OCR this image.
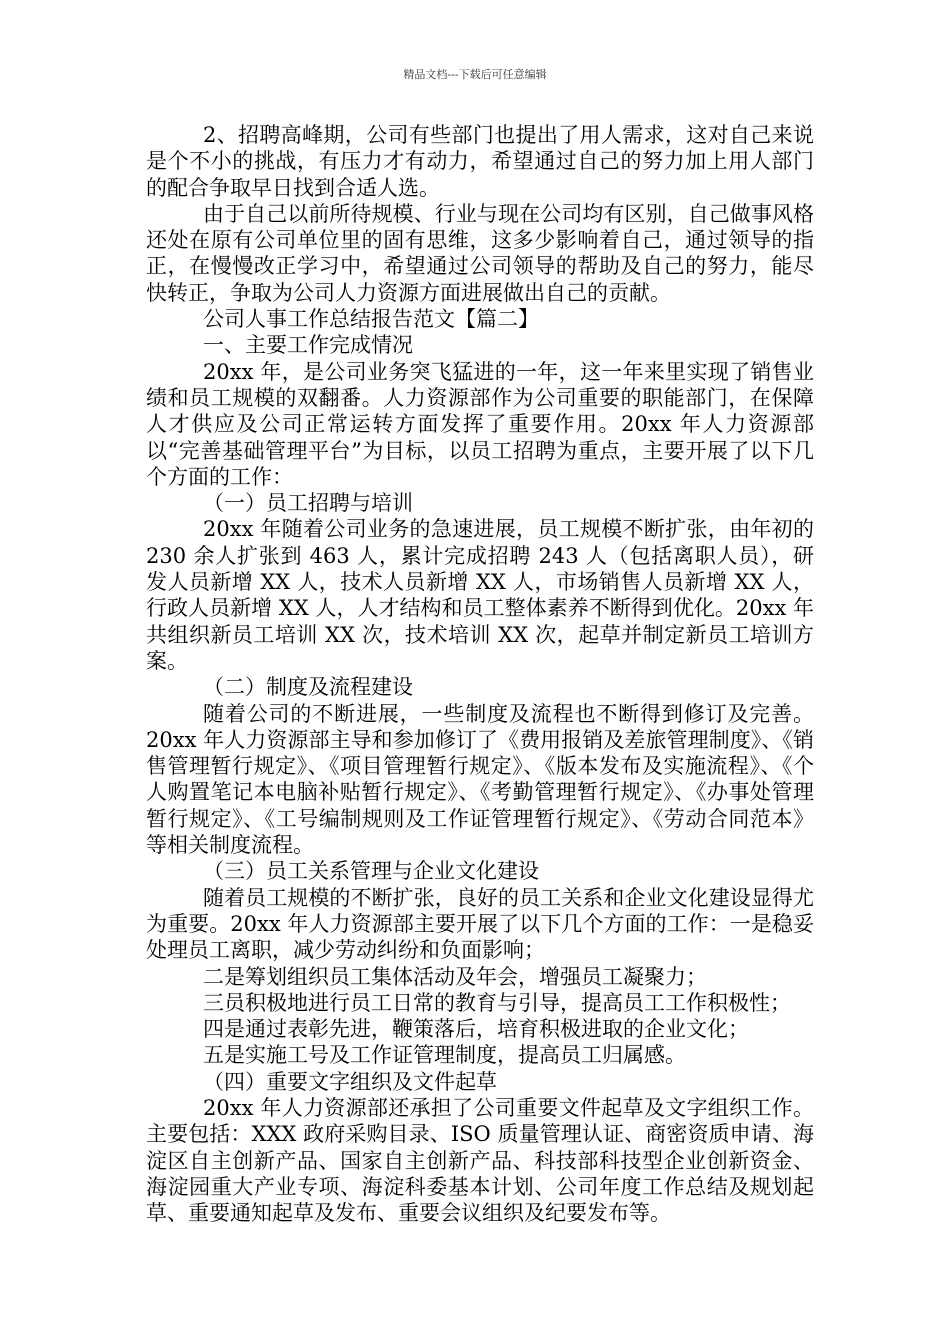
精品文档---下载后可任意编辑

2、招聘高峰期，公司有些部门也提出了用人需求，这对自己来说是个不小的挑战，有压力才有动力，希望通过自己的努力加上用人部门的配合争取早日找到合适人选。

由于自己以前所待规模、行业与现在公司均有区别，自己做事风格还处在原有公司单位里的固有思维，这多少影响着自己，通过领导的指正，在慢慢改正学习中，希望通过公司领导的帮助及自己的努力，能尽快转正，争取为公司人力资源方面进展做出自己的贡献。

公司人事工作总结报告范文【篇二】

一、主要工作完成情况

20xx 年，是公司业务突飞猛进的一年，这一年来里实现了销售业绩和员工规模的双翻番。人力资源部作为公司重要的职能部门，在保障人才供应及公司正常运转方面发挥了重要作用。20xx 年人力资源部以“完善基础管理平台”为目标，以员工招聘为重点，主要开展了以下几个方面的工作：

（一）员工招聘与培训

20xx 年随着公司业务的急速进展，员工规模不断扩张，由年初的 230 余人扩张到 463 人，累计完成招聘 243 人（包括离职人员），研发人员新增 XX 人，技术人员新增 XX 人，市场销售人员新增 XX 人，行政人员新增 XX 人，人才结构和员工整体素养不断得到优化。20xx 年共组织新员工培训 XX 次，技术培训 XX 次，起草并制定新员工培训方案。

（二）制度及流程建设

随着公司的不断进展，一些制度及流程也不断得到修订及完善。20xx 年人力资源部主导和参加修订了《费用报销及差旅管理制度》、《销售管理暂行规定》、《项目管理暂行规定》、《版本发布及实施流程》、《个人购置笔记本电脑补贴暂行规定》、《考勤管理暂行规定》、《办事处管理暂行规定》、《工号编制规则及工作证管理暂行规定》、《劳动合同范本》等相关制度流程。

（三）员工关系管理与企业文化建设

随着员工规模的不断扩张，良好的员工关系和企业文化建设显得尤为重要。20xx 年人力资源部主要开展了以下几个方面的工作：一是稳妥处理员工离职，减少劳动纠纷和负面影响；

二是筹划组织员工集体活动及年会，增强员工凝聚力；

三员积极地进行员工日常的教育与引导，提高员工工作积极性；

四是通过表彰先进，鞭策落后，培育积极进取的企业文化；

五是实施工号及工作证管理制度，提高员工归属感。

（四）重要文字组织及文件起草

20xx 年人力资源部还承担了公司重要文件起草及文字组织工作。主要包括：XXX 政府采购目录、ISO 质量管理认证、商密资质申请、海淀区自主创新产品、国家自主创新产品、科技部科技型企业创新资金、海淀园重大产业专项、海淀科委基本计划、公司年度工作总结及规划起草、重要通知起草及发布、重要会议组织及纪要发布等。
